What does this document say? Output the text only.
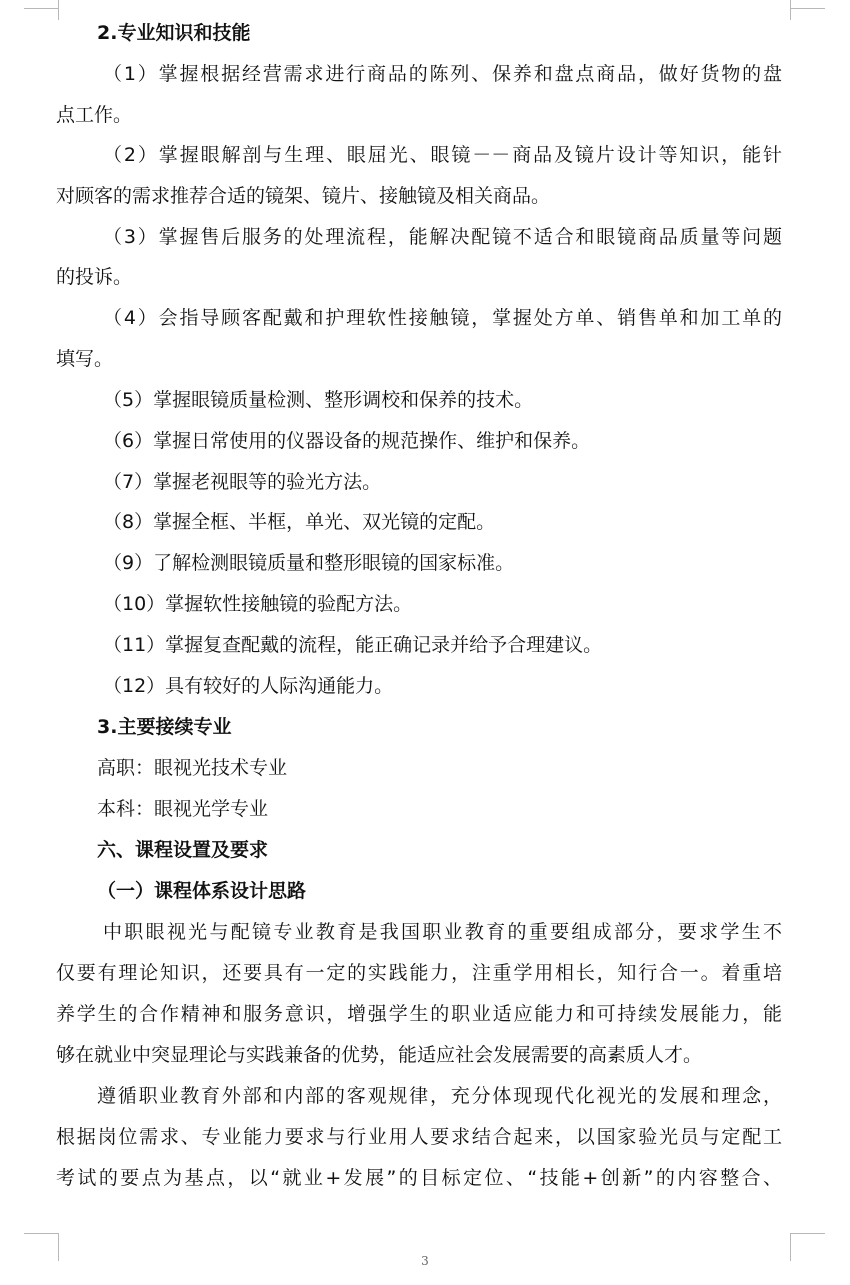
2.专业知识和技能
（1）掌握根据经营需求进行商品的陈列、保养和盘点商品，做好货物的盘
点工作。
（2）掌握眼解剖与生理、眼屈光、眼镜－－商品及镜片设计等知识，能针
对顾客的需求推荐合适的镜架、镜片、接触镜及相关商品。
（3）掌握售后服务的处理流程，能解决配镜不适合和眼镜商品质量等问题
的投诉。
（4）会指导顾客配戴和护理软性接触镜，掌握处方单、销售单和加工单的
填写。
（5）掌握眼镜质量检测、整形调校和保养的技术。
（6）掌握日常使用的仪器设备的规范操作、维护和保养。
（7）掌握老视眼等的验光方法。
（8）掌握全框、半框，单光、双光镜的定配。
（9）了解检测眼镜质量和整形眼镜的国家标准。
（10）掌握软性接触镜的验配方法。
（11）掌握复查配戴的流程，能正确记录并给予合理建议。
（12）具有较好的人际沟通能力。
3.主要接续专业
高职：眼视光技术专业
本科：眼视光学专业
六、课程设置及要求
（一）课程体系设计思路
中职眼视光与配镜专业教育是我国职业教育的重要组成部分，要求学生不
仅要有理论知识，还要具有一定的实践能力，注重学用相长，知行合一。着重培
养学生的合作精神和服务意识，增强学生的职业适应能力和可持续发展能力，能
够在就业中突显理论与实践兼备的优势，能适应社会发展需要的高素质人才。
遵循职业教育外部和内部的客观规律，充分体现现代化视光的发展和理念，
根据岗位需求、专业能力要求与行业用人要求结合起来，以国家验光员与定配工
考试的要点为基点，以“就业+发展”的目标定位、“技能+创新”的内容整合、
3
